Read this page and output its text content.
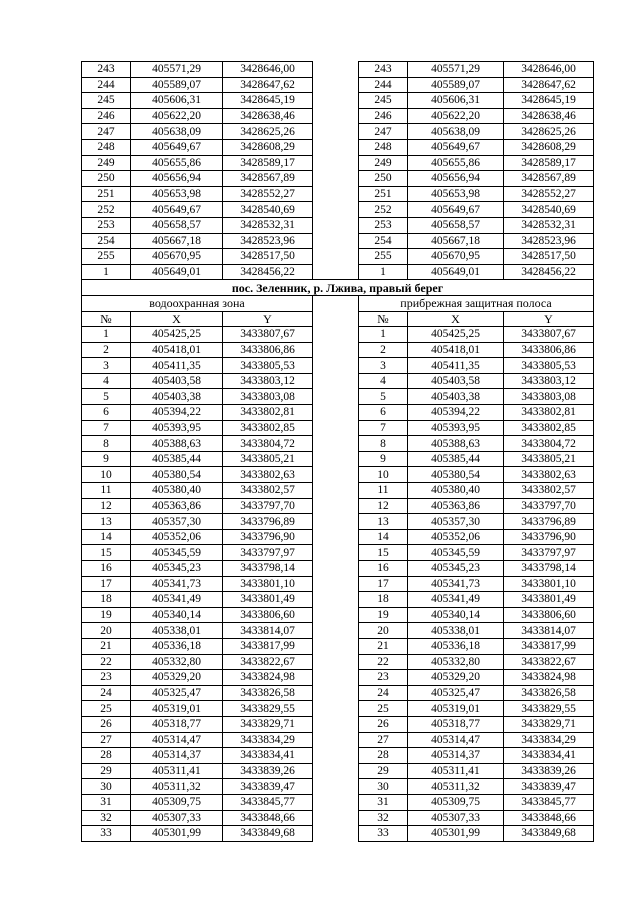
243	405571,29	3428646,00		243	405571,29	3428646,00
244	405589,07	3428647,62		244	405589,07	3428647,62
245	405606,31	3428645,19		245	405606,31	3428645,19
246	405622,20	3428638,46		246	405622,20	3428638,46
247	405638,09	3428625,26		247	405638,09	3428625,26
248	405649,67	3428608,29		248	405649,67	3428608,29
249	405655,86	3428589,17		249	405655,86	3428589,17
250	405656,94	3428567,89		250	405656,94	3428567,89
251	405653,98	3428552,27		251	405653,98	3428552,27
252	405649,67	3428540,69		252	405649,67	3428540,69
253	405658,57	3428532,31		253	405658,57	3428532,31
254	405667,18	3428523,96		254	405667,18	3428523,96
255	405670,95	3428517,50		255	405670,95	3428517,50
1	405649,01	3428456,22		1	405649,01	3428456,22
пос. Зеленник, р. Лжива, правый берег						
водоохранная зона				прибрежная защитная полоса		
№	X	Y		№	X	Y
1	405425,25	3433807,67		1	405425,25	3433807,67
2	405418,01	3433806,86		2	405418,01	3433806,86
3	405411,35	3433805,53		3	405411,35	3433805,53
4	405403,58	3433803,12		4	405403,58	3433803,12
5	405403,38	3433803,08		5	405403,38	3433803,08
6	405394,22	3433802,81		6	405394,22	3433802,81
7	405393,95	3433802,85		7	405393,95	3433802,85
8	405388,63	3433804,72		8	405388,63	3433804,72
9	405385,44	3433805,21		9	405385,44	3433805,21
10	405380,54	3433802,63		10	405380,54	3433802,63
11	405380,40	3433802,57		11	405380,40	3433802,57
12	405363,86	3433797,70		12	405363,86	3433797,70
13	405357,30	3433796,89		13	405357,30	3433796,89
14	405352,06	3433796,90		14	405352,06	3433796,90
15	405345,59	3433797,97		15	405345,59	3433797,97
16	405345,23	3433798,14		16	405345,23	3433798,14
17	405341,73	3433801,10		17	405341,73	3433801,10
18	405341,49	3433801,49		18	405341,49	3433801,49
19	405340,14	3433806,60		19	405340,14	3433806,60
20	405338,01	3433814,07		20	405338,01	3433814,07
21	405336,18	3433817,99		21	405336,18	3433817,99
22	405332,80	3433822,67		22	405332,80	3433822,67
23	405329,20	3433824,98		23	405329,20	3433824,98
24	405325,47	3433826,58		24	405325,47	3433826,58
25	405319,01	3433829,55		25	405319,01	3433829,55
26	405318,77	3433829,71		26	405318,77	3433829,71
27	405314,47	3433834,29		27	405314,47	3433834,29
28	405314,37	3433834,41		28	405314,37	3433834,41
29	405311,41	3433839,26		29	405311,41	3433839,26
30	405311,32	3433839,47		30	405311,32	3433839,47
31	405309,75	3433845,77		31	405309,75	3433845,77
32	405307,33	3433848,66		32	405307,33	3433848,66
33	405301,99	3433849,68		33	405301,99	3433849,68
